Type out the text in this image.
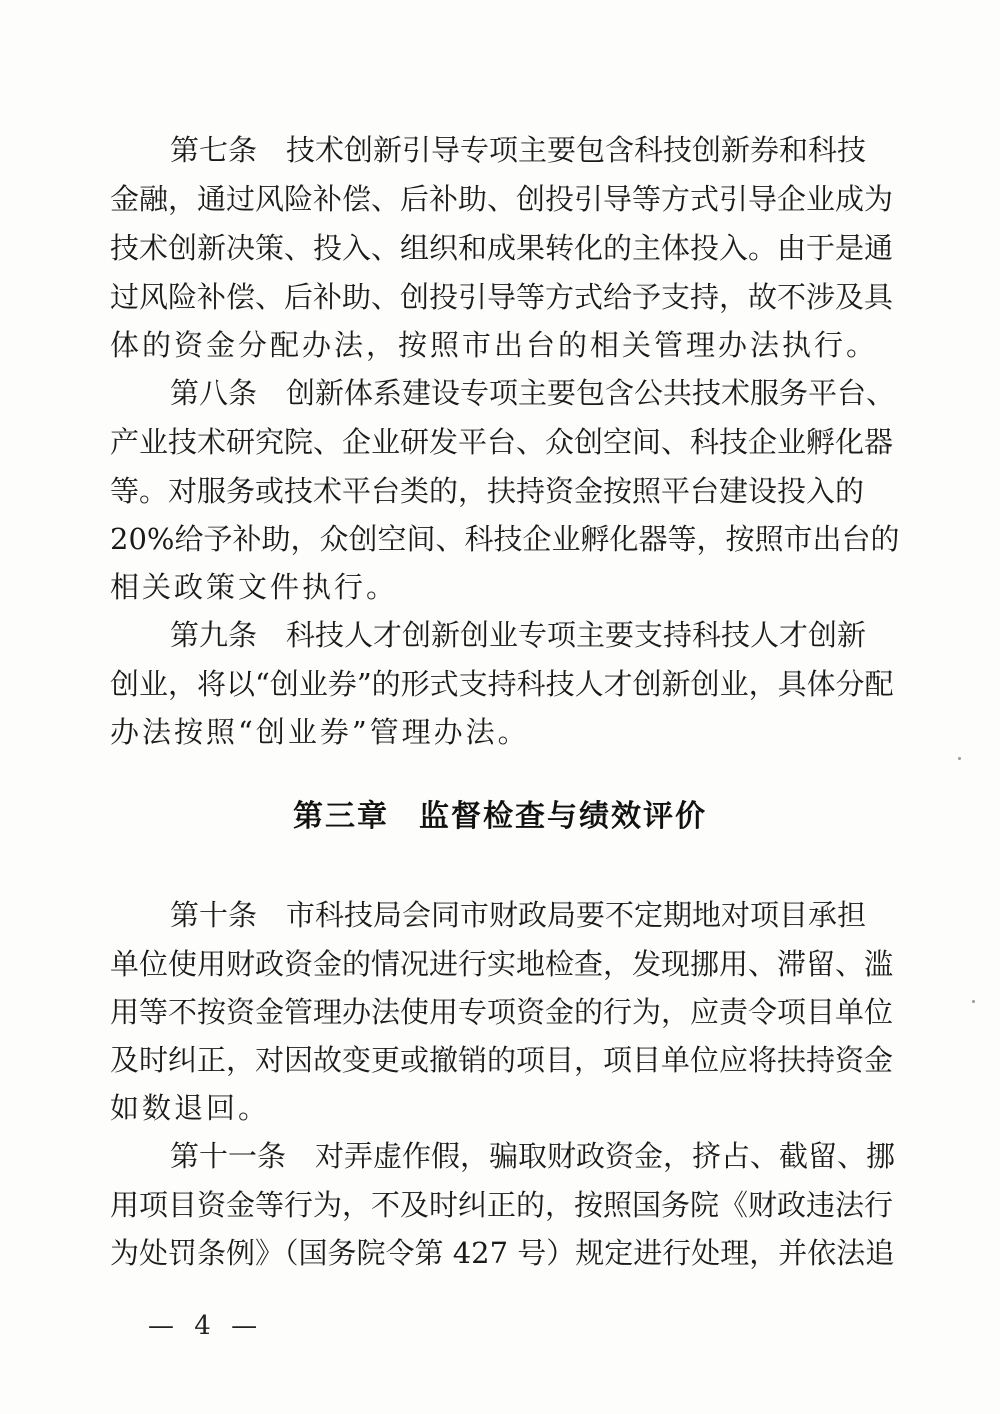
第七条　技术创新引导专项主要包含科技创新券和科技
金融，通过风险补偿、后补助、创投引导等方式引导企业成为
技术创新决策、投入、组织和成果转化的主体投入。由于是通
过风险补偿、后补助、创投引导等方式给予支持，故不涉及具
体的资金分配办法，按照市出台的相关管理办法执行。
第八条　创新体系建设专项主要包含公共技术服务平台、
产业技术研究院、企业研发平台、众创空间、科技企业孵化器
等。对服务或技术平台类的，扶持资金按照平台建设投入的
20%给予补助，众创空间、科技企业孵化器等，按照市出台的
相关政策文件执行。
第九条　科技人才创新创业专项主要支持科技人才创新
创业，将以“创业券”的形式支持科技人才创新创业，具体分配
办法按照“创业券”管理办法。
第三章 监督检查与绩效评价
第十条　市科技局会同市财政局要不定期地对项目承担
单位使用财政资金的情况进行实地检查，发现挪用、滞留、滥
用等不按资金管理办法使用专项资金的行为，应责令项目单位
及时纠正，对因故变更或撤销的项目，项目单位应将扶持资金
如数退回。
第十一条　对弄虚作假，骗取财政资金，挤占、截留、挪
用项目资金等行为，不及时纠正的，按照国务院《财政违法行
为处罚条例》（国务院令第 427 号）规定进行处理，并依法追
— 4 —
